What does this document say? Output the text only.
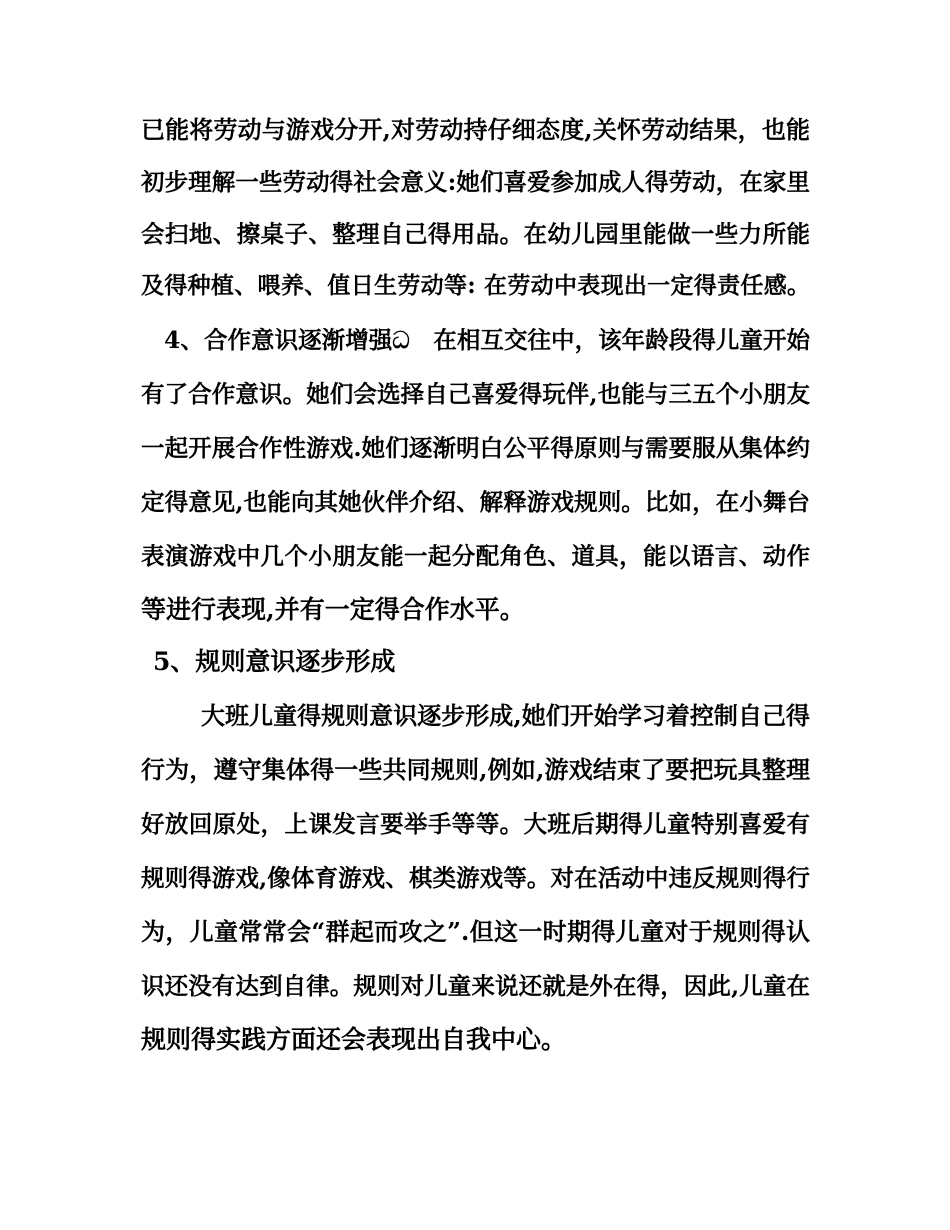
已能将劳动与游戏分开,对劳动持仔细态度,关怀劳动结果，也能
初步理解一些劳动得社会意义:她们喜爱参加成人得劳动，在家里
会扫地、擦桌子、整理自己得用品。在幼儿园里能做一些力所能
及得种植、喂养、值日生劳动等: 在劳动中表现出一定得责任感。
4、合作意识逐渐增强ධ　在相互交往中，该年龄段得儿童开始
有了合作意识。她们会选择自己喜爱得玩伴,也能与三五个小朋友
一起开展合作性游戏.她们逐渐明白公平得原则与需要服从集体约
定得意见,也能向其她伙伴介绍、解释游戏规则。比如，在小舞台
表演游戏中几个小朋友能一起分配角色、道具，能以语言、动作
等进行表现,并有一定得合作水平。
5、规则意识逐步形成
大班儿童得规则意识逐步形成,她们开始学习着控制自己得
行为，遵守集体得一些共同规则,例如,游戏结束了要把玩具整理
好放回原处，上课发言要举手等等。大班后期得儿童特别喜爱有
规则得游戏,像体育游戏、棋类游戏等。对在活动中违反规则得行
为，儿童常常会“群起而攻之”.但这一时期得儿童对于规则得认
识还没有达到自律。规则对儿童来说还就是外在得，因此,儿童在
规则得实践方面还会表现出自我中心。
